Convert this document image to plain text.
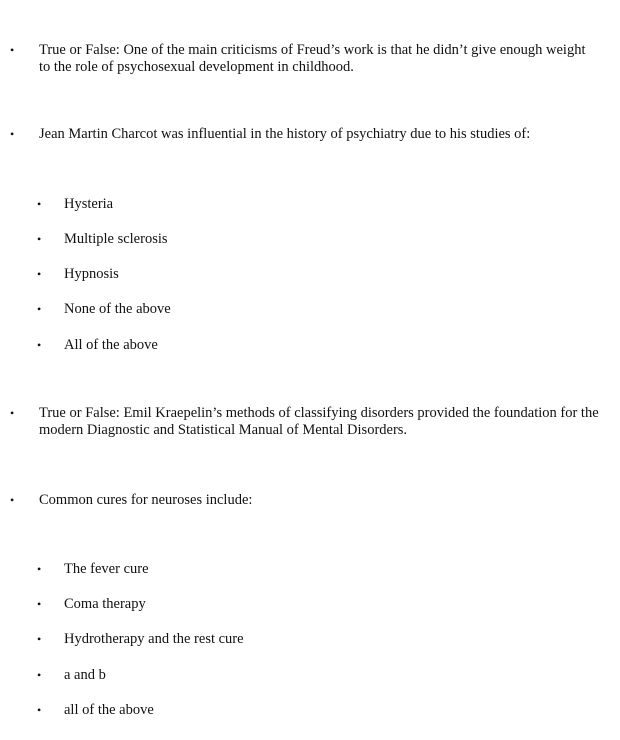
• True or False: One of the main criticisms of Freud’s work is that he didn’t give enough weight to the role of psychosexual development in childhood.
• Jean Martin Charcot was influential in the history of psychiatry due to his studies of:
• Hysteria
• Multiple sclerosis
• Hypnosis
• None of the above
• All of the above
• True or False: Emil Kraepelin’s methods of classifying disorders provided the foundation for the modern Diagnostic and Statistical Manual of Mental Disorders.
• Common cures for neuroses include:
• The fever cure
• Coma therapy
• Hydrotherapy and the rest cure
• a and b
• all of the above
